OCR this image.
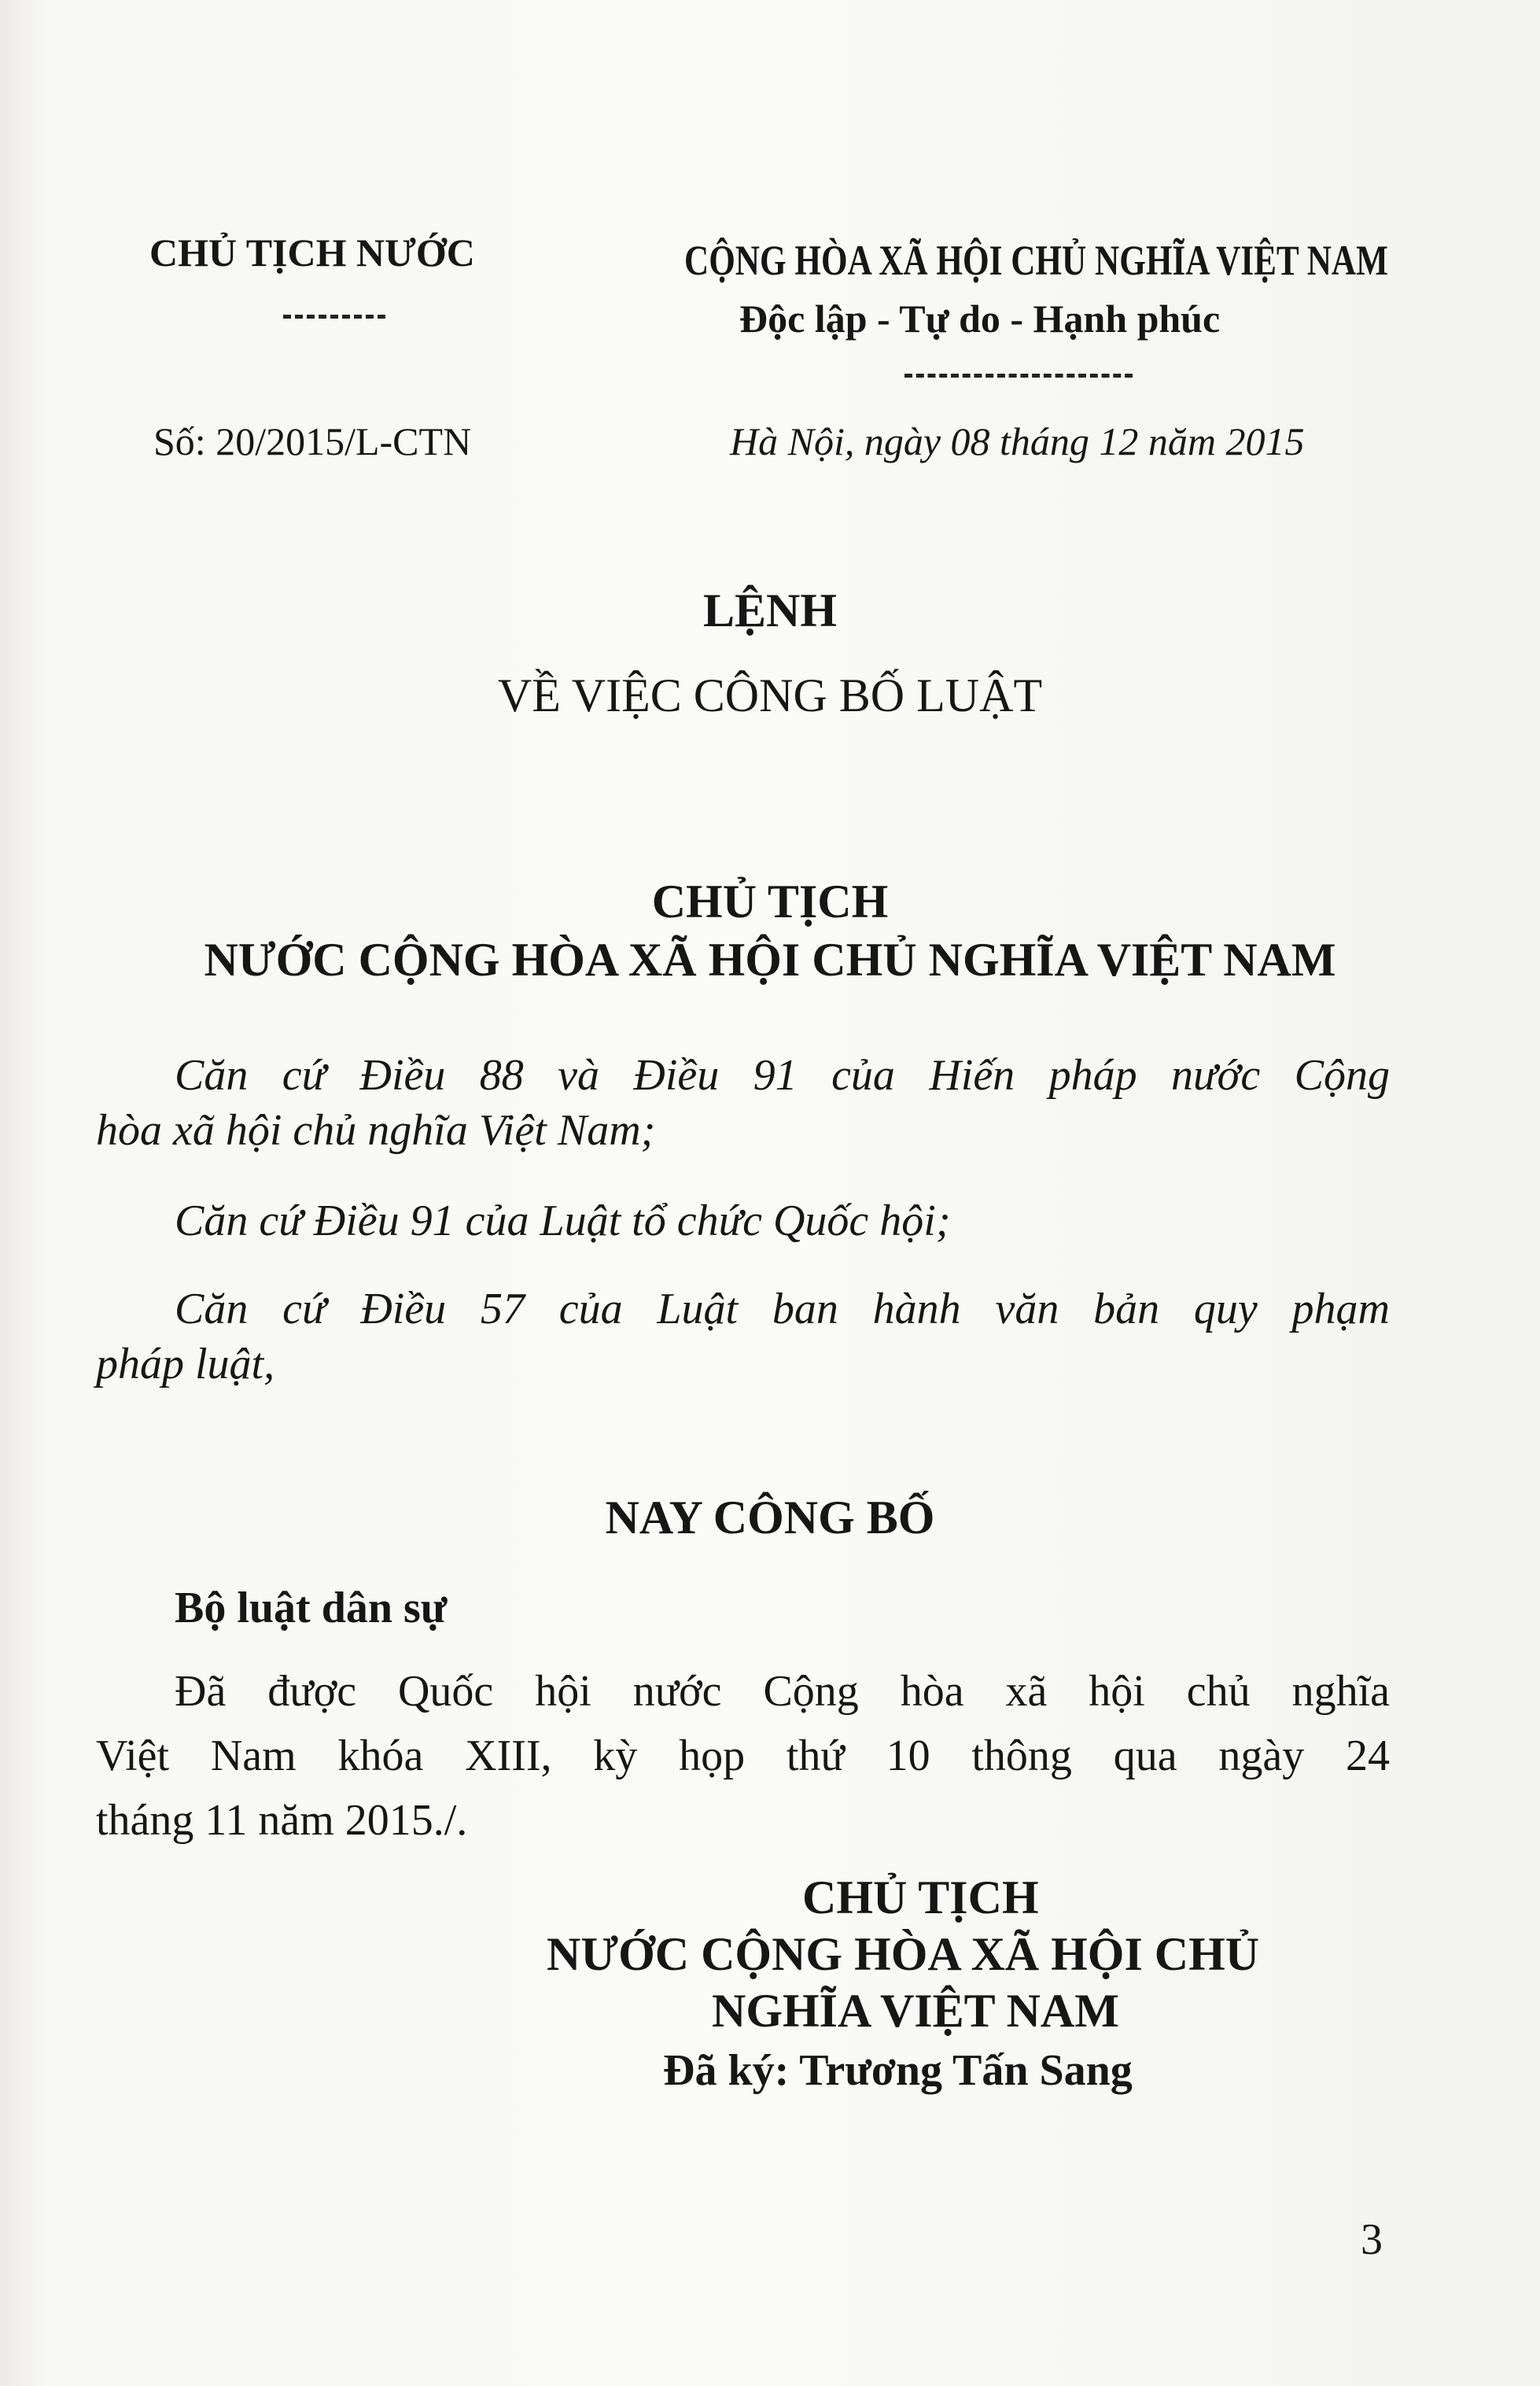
CHỦ TỊCH NƯỚC	CỘNG HÒA XÃ HỘI CHỦ NGHĨA VIỆT NAM
Độc lập - Tự do - Hạnh phúc
Số: 20/2015/L-CTN	Hà Nội, ngày 08 tháng 12 năm 2015
LỆNH
VỀ VIỆC CÔNG BỐ LUẬT
CHỦ TỊCH
NƯỚC CỘNG HÒA XÃ HỘI CHỦ NGHĨA VIỆT NAM
Căn cứ Điều 88 và Điều 91 của Hiến pháp nước Cộng
hòa xã hội chủ nghĩa Việt Nam;
Căn cứ Điều 91 của Luật tổ chức Quốc hội;
Căn cứ Điều 57 của Luật ban hành văn bản quy phạm
pháp luật,
NAY CÔNG BỐ
Bộ luật dân sự
Đã được Quốc hội nước Cộng hòa xã hội chủ nghĩa
Việt Nam khóa XIII, kỳ họp thứ 10 thông qua ngày 24
tháng 11 năm 2015./.
CHỦ TỊCH
NƯỚC CỘNG HÒA XÃ HỘI CHỦ
NGHĨA VIỆT NAM
Đã ký: Trương Tấn Sang
3
